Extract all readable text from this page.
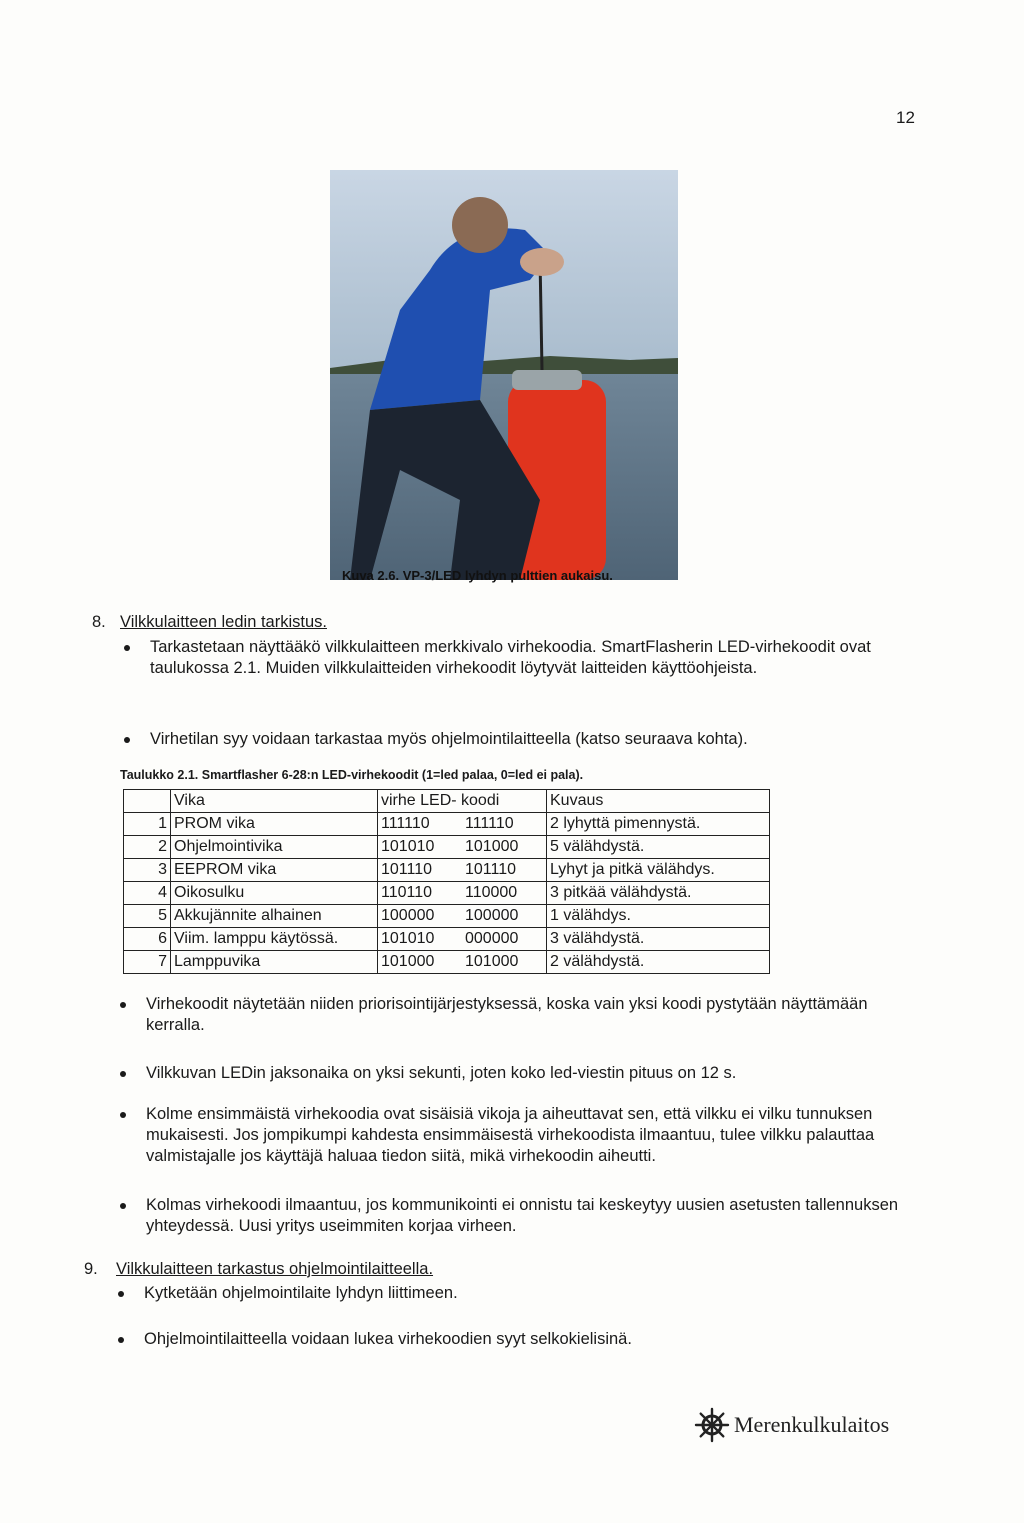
12
Kuva 2.6. VP-3/LED lyhdyn pulttien aukaisu.
8. Vilkkulaitteen ledin tarkistus.
Tarkastetaan näyttääkö vilkkulaitteen merkkivalo virhekoodia. SmartFlasherin LED-virhekoodit ovat taulukossa 2.1. Muiden vilkkulaitteiden virhekoodit löytyvät laitteiden käyttöohjeista.
Virhetilan syy voidaan tarkastaa myös ohjelmointilaitteella (katso seuraava kohta).
Taulukko 2.1. Smartflasher 6-28:n LED-virhekoodit (1=led palaa, 0=led ei pala).
	Vika	virhe LED- koodi		Kuvaus
1	PROM vika	111110	111110	2 lyhyttä pimennystä.
2	Ohjelmointivika	101010	101000	5 välähdystä.
3	EEPROM vika	101110	101110	Lyhyt ja pitkä välähdys.
4	Oikosulku	110110	110000	3 pitkää välähdystä.
5	Akkujännite alhainen	100000	100000	1 välähdys.
6	Viim. lamppu käytössä.	101010	000000	3 välähdystä.
7	Lamppuvika	101000	101000	2 välähdystä.
Virhekoodit näytetään niiden priorisointijärjestyksessä, koska vain yksi koodi pystytään näyttämään kerralla.
Vilkkuvan LEDin jaksonaika on yksi sekunti, joten koko led-viestin pituus on 12 s.
Kolme ensimmäistä virhekoodia ovat sisäisiä vikoja ja aiheuttavat sen, että vilkku ei vilku tunnuksen mukaisesti. Jos jompikumpi kahdesta ensimmäisestä virhekoodista ilmaantuu, tulee vilkku palauttaa valmistajalle jos käyttäjä haluaa tiedon siitä, mikä virhekoodin aiheutti.
Kolmas virhekoodi ilmaantuu, jos kommunikointi ei onnistu tai keskeytyy uusien asetusten tallennuksen yhteydessä. Uusi yritys useimmiten korjaa virheen.
9. Vilkkulaitteen tarkastus ohjelmointilaitteella.
Kytketään ohjelmointilaite lyhdyn liittimeen.
Ohjelmointilaitteella voidaan lukea virhekoodien syyt selkokielisinä.
Merenkulkulaitos
